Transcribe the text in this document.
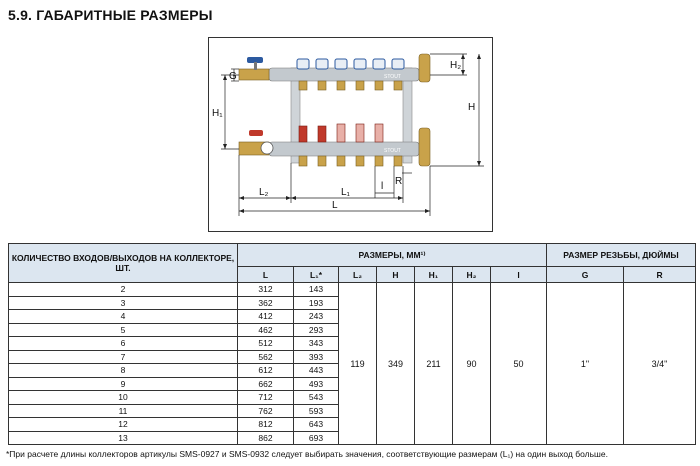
5.9. ГАБАРИТНЫЕ РАЗМЕРЫ
STOUT
STOUT
G
H₁
H₂
H
L₂	L₁
l R
L
КОЛИЧЕСТВО ВХОДОВ/ВЫХОДОВ НА КОЛЛЕКТОРЕ, ШТ.	РАЗМЕРЫ, ММ¹⁾							РАЗМЕР РЕЗЬБЫ, ДЮЙМЫ	
	L	L₁*	L₂	H	H₁	H₂	l	G	R
2	312	143	119	349	211	90	50	1"	3/4"
3	362	193							
4	412	243							
5	462	293							
6	512	343							
7	562	393							
8	612	443							
9	662	493							
10	712	543							
11	762	593							
12	812	643							
13	862	693							
*При расчете длины коллекторов артикулы SMS-0927 и SMS-0932 следует выбирать значения, соответствующие размерам (L₁) на один выход больше.
